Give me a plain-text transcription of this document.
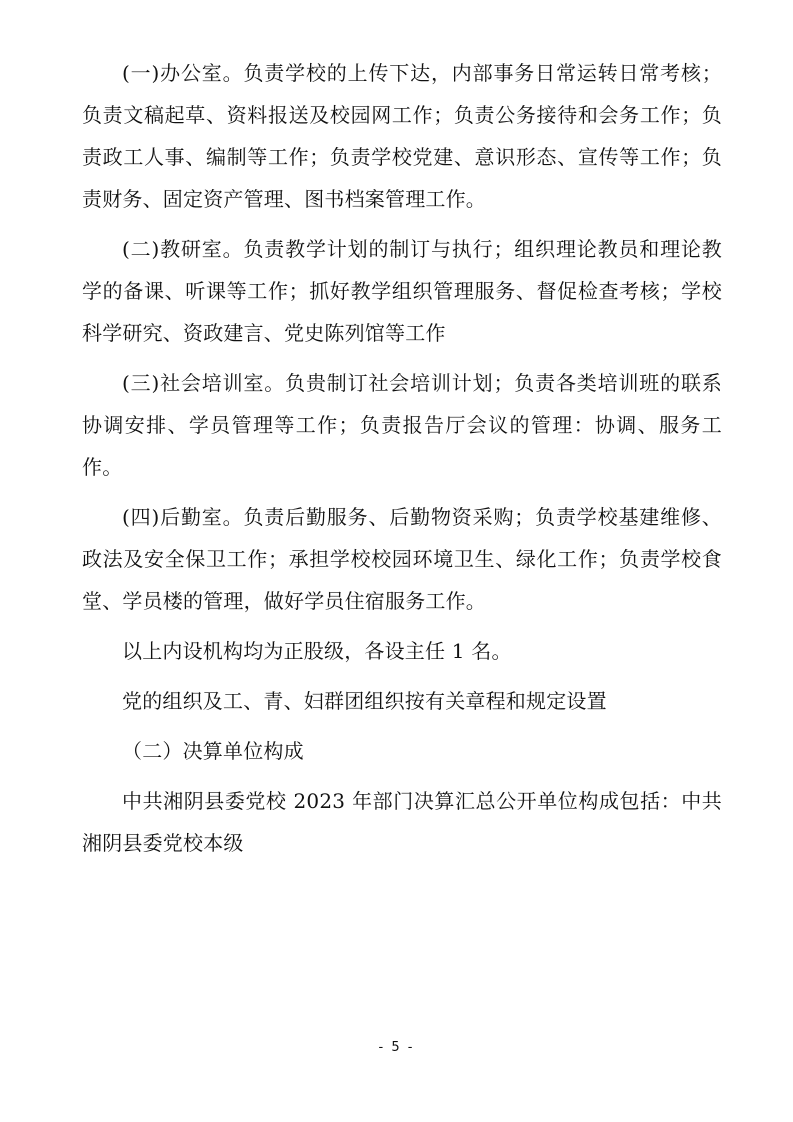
(一)办公室。负责学校的上传下达，内部事务日常运转日常考核；负责文稿起草、资料报送及校园网工作；负责公务接待和会务工作；负责政工人事、编制等工作；负责学校党建、意识形态、宣传等工作；负责财务、固定资产管理、图书档案管理工作。

(二)教研室。负责教学计划的制订与执行；组织理论教员和理论教学的备课、听课等工作；抓好教学组织管理服务、督促检查考核；学校科学研究、资政建言、党史陈列馆等工作

(三)社会培训室。负贵制订社会培训计划；负责各类培训班的联系协调安排、学员管理等工作；负责报告厅会议的管理：协调、服务工作。

(四)后勤室。负责后勤服务、后勤物资采购；负责学校基建维修、政法及安全保卫工作；承担学校校园环境卫生、绿化工作；负责学校食堂、学员楼的管理，做好学员住宿服务工作。

以上内设机构均为正股级，各设主任 1 名。

党的组织及工、青、妇群团组织按有关章程和规定设置

（二）决算单位构成

中共湘阴县委党校 2023 年部门决算汇总公开单位构成包括：中共湘阴县委党校本级

- 5 -
